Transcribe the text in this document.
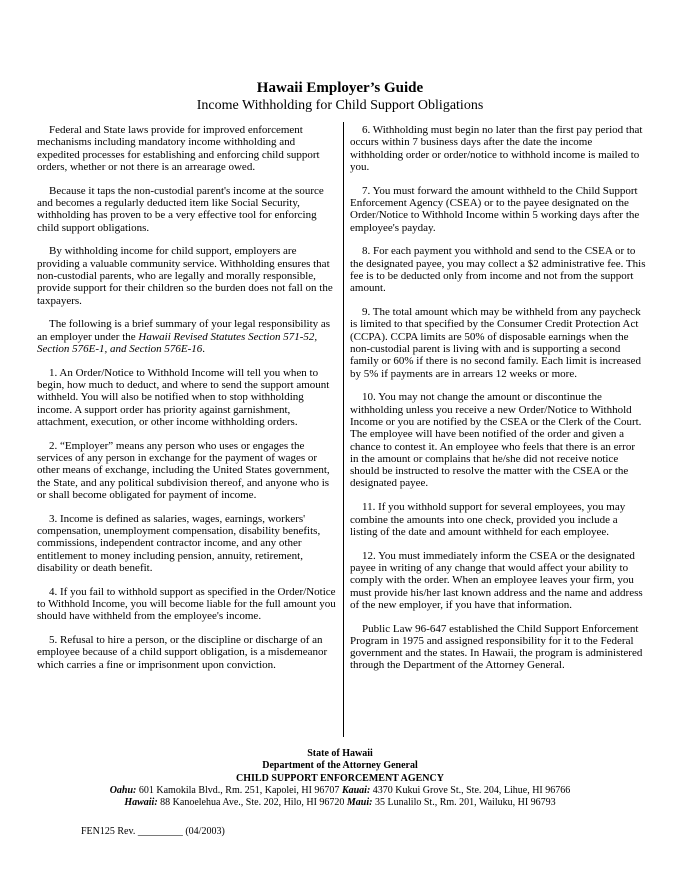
Hawaii Employer’s Guide
Income Withholding for Child Support Obligations

Federal and State laws provide for improved enforcement mechanisms including mandatory income withholding and expedited processes for establishing and enforcing child support orders, whether or not there is an arrearage owed.

Because it taps the non-custodial parent's income at the source and becomes a regularly deducted item like Social Security, withholding has proven to be a very effective tool for enforcing child support obligations.

By withholding income for child support, employers are providing a valuable community service. Withholding ensures that non-custodial parents, who are legally and morally responsible, provide support for their children so the burden does not fall on the taxpayers.

The following is a brief summary of your legal responsibility as an employer under the Hawaii Revised Statutes Section 571-52, Section 576E-1, and Section 576E-16.

1. An Order/Notice to Withhold Income will tell you when to begin, how much to deduct, and where to send the support amount withheld. You will also be notified when to stop withholding income. A support order has priority against garnishment, attachment, execution, or other income withholding orders.

2. “Employer” means any person who uses or engages the services of any person in exchange for the payment of wages or other means of exchange, including the United States government, the State, and any political subdivision thereof, and anyone who is or shall become obligated for payment of income.

3. Income is defined as salaries, wages, earnings, workers' compensation, unemployment compensation, disability benefits, commissions, independent contractor income, and any other entitlement to money including pension, annuity, retirement, disability or death benefit.

4. If you fail to withhold support as specified in the Order/Notice to Withhold Income, you will become liable for the full amount you should have withheld from the employee's income.

5. Refusal to hire a person, or the discipline or discharge of an employee because of a child support obligation, is a misdemeanor which carries a fine or imprisonment upon conviction.

6. Withholding must begin no later than the first pay period that occurs within 7 business days after the date the income withholding order or order/notice to withhold income is mailed to you.

7. You must forward the amount withheld to the Child Support Enforcement Agency (CSEA) or to the payee designated on the Order/Notice to Withhold Income within 5 working days after the employee's payday.

8. For each payment you withhold and send to the CSEA or to the designated payee, you may collect a $2 administrative fee. This fee is to be deducted only from income and not from the support amount.

9. The total amount which may be withheld from any paycheck is limited to that specified by the Consumer Credit Protection Act (CCPA). CCPA limits are 50% of disposable earnings when the non-custodial parent is living with and is supporting a second family or 60% if there is no second family. Each limit is increased by 5% if payments are in arrears 12 weeks or more.

10. You may not change the amount or discontinue the withholding unless you receive a new Order/Notice to Withhold Income or you are notified by the CSEA or the Clerk of the Court. The employee will have been notified of the order and given a chance to contest it. An employee who feels that there is an error in the amount or complains that he/she did not receive notice should be instructed to resolve the matter with the CSEA or the designated payee.

11. If you withhold support for several employees, you may combine the amounts into one check, provided you include a listing of the date and amount withheld for each employee.

12. You must immediately inform the CSEA or the designated payee in writing of any change that would affect your ability to comply with the order. When an employee leaves your firm, you must provide his/her last known address and the name and address of the new employer, if you have that information.

Public Law 96-647 established the Child Support Enforcement Program in 1975 and assigned responsibility for it to the Federal government and the states. In Hawaii, the program is administered through the Department of the Attorney General.

State of Hawaii
Department of the Attorney General
CHILD SUPPORT ENFORCEMENT AGENCY
Oahu: 601 Kamokila Blvd., Rm. 251, Kapolei, HI 96707 Kauai: 4370 Kukui Grove St., Ste. 204, Lihue, HI 96766
Hawaii: 88 Kanoelehua Ave., Ste. 202, Hilo, HI 96720 Maui: 35 Lunalilo St., Rm. 201, Wailuku, HI 96793
FEN125 Rev. _________ (04/2003)
